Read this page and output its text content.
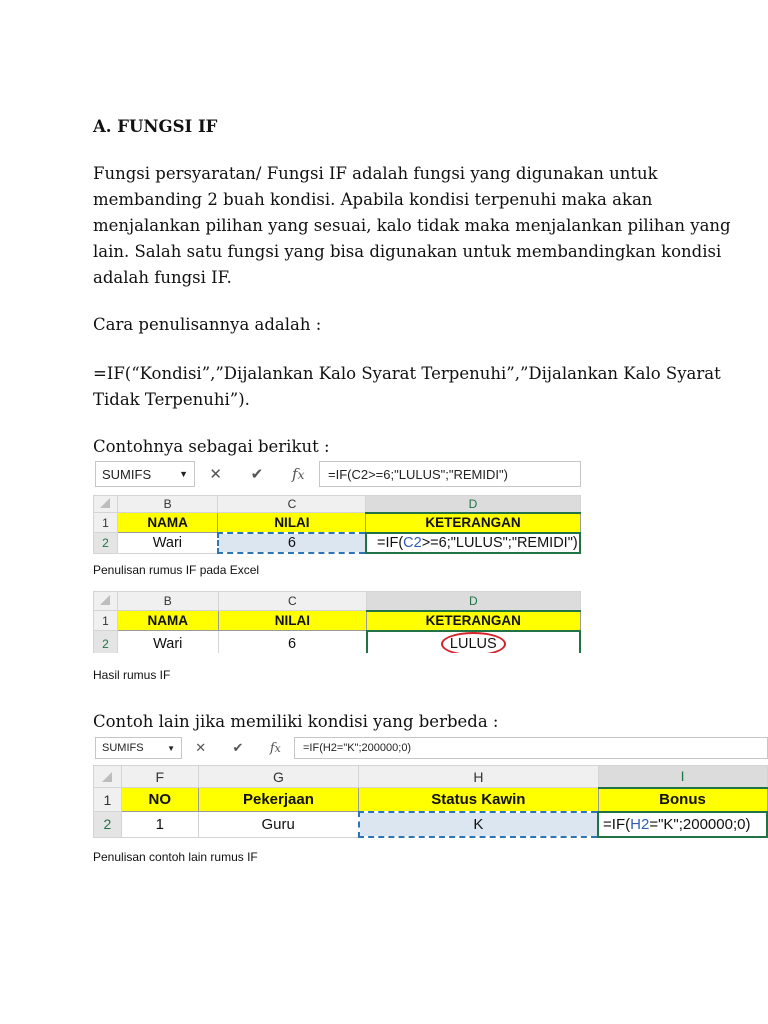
A. FUNGSI IF
Fungsi persyaratan/ Fungsi IF adalah fungsi yang digunakan untuk
membanding 2 buah kondisi. Apabila kondisi terpenuhi maka akan
menjalankan pilihan yang sesuai, kalo tidak maka menjalankan pilihan yang
lain. Salah satu fungsi yang bisa digunakan untuk membandingkan kondisi
adalah fungsi IF.
Cara penulisannya adalah :
=IF(“Kondisi”,”Dijalankan Kalo Syarat Terpenuhi”,”Dijalankan Kalo Syarat
Tidak Terpenuhi”).
Contohnya sebagai berikut :
SUMIFS	▼ ✕ ✔ fx	=IF(C2>=6;"LULUS";"REMIDI")
	B	C	D
1	NAMA	NILAI	KETERANGAN
2	Wari	6	=IF(C2>=6;"LULUS";"REMIDI")
Penulisan rumus IF pada Excel
	B	C	D
1	NAMA	NILAI	KETERANGAN
2	Wari	6	LULUS
Hasil rumus IF
Contoh lain jika memiliki kondisi yang berbeda :
SUMIFS	▼ ✕ ✔ fx	=IF(H2="K";200000;0)
	F	G	H	I
1	NO	Pekerjaan	Status Kawin	Bonus
2	1	Guru	K	=IF(H2="K";200000;0)
Penulisan contoh lain rumus IF
